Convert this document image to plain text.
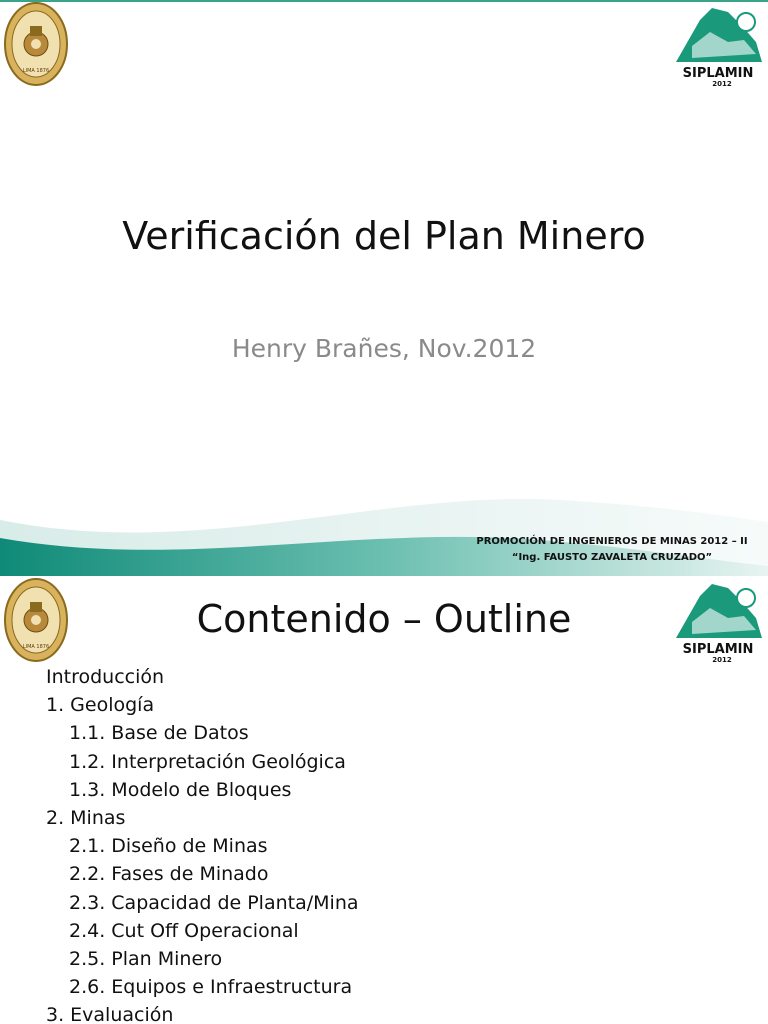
LIMA 1876	SIPLAMIN
2012
Verificación del Plan Minero
Henry Brañes, Nov.2012
PROMOCIÓN DE INGENIEROS DE MINAS 2012 – II
“Ing. FAUSTO ZAVALETA CRUZADO”
LIMA 1876	SIPLAMIN
2012
Contenido – Outline
Introducción
1. Geología
1.1. Base de Datos
1.2. Interpretación Geológica
1.3. Modelo de Bloques
2. Minas
2.1. Diseño de Minas
2.2. Fases de Minado
2.3. Capacidad de Planta/Mina
2.4. Cut Off Operacional
2.5. Plan Minero
2.6. Equipos e Infraestructura
3. Evaluación
